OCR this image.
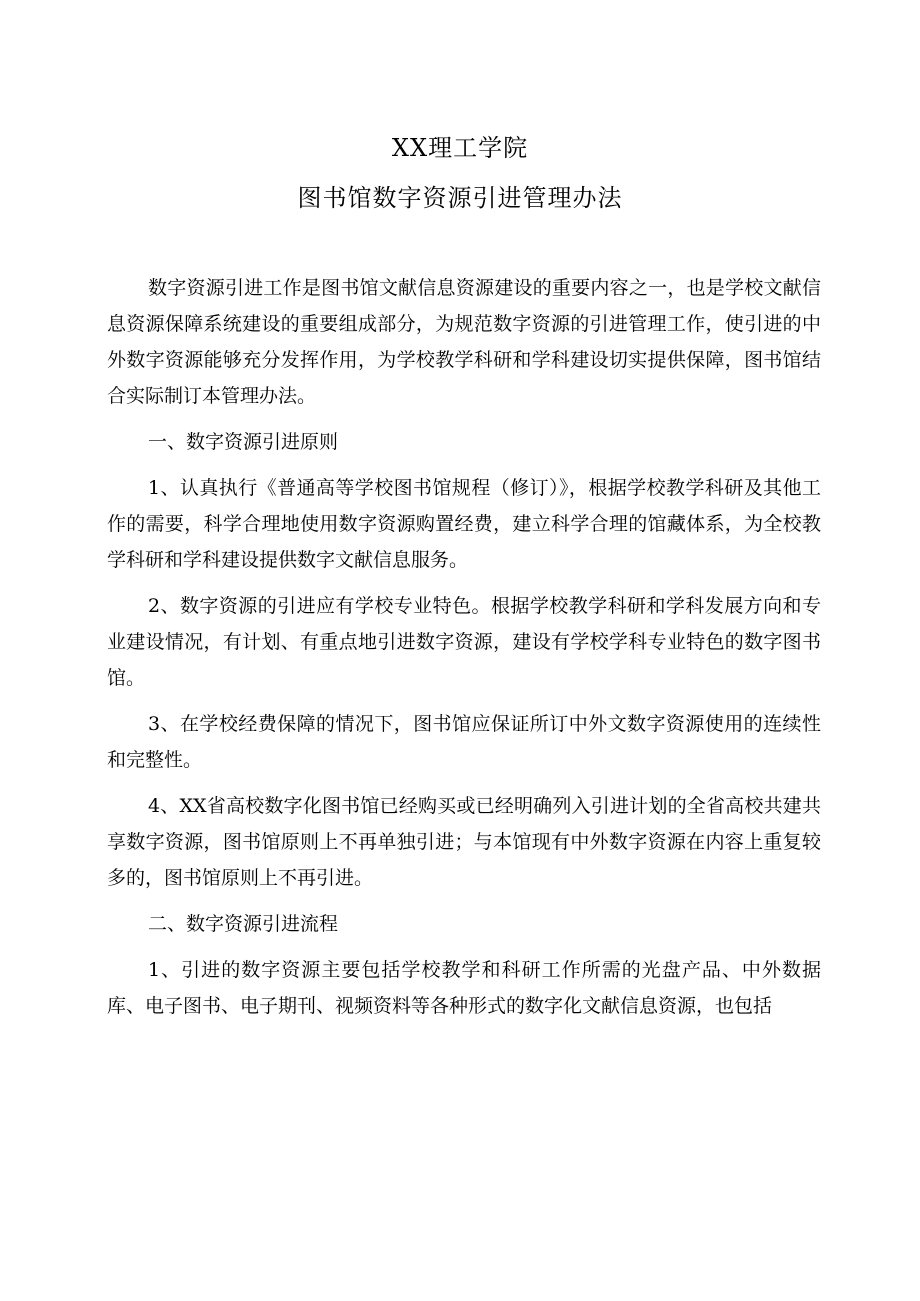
XX理工学院
图书馆数字资源引进管理办法

数字资源引进工作是图书馆文献信息资源建设的重要内容之一，也是学校文献信息资源保障系统建设的重要组成部分，为规范数字资源的引进管理工作，使引进的中外数字资源能够充分发挥作用，为学校教学科研和学科建设切实提供保障，图书馆结合实际制订本管理办法。

一、数字资源引进原则

1、认真执行《普通高等学校图书馆规程（修订）》，根据学校教学科研及其他工作的需要，科学合理地使用数字资源购置经费，建立科学合理的馆藏体系，为全校教学科研和学科建设提供数字文献信息服务。

2、数字资源的引进应有学校专业特色。根据学校教学科研和学科发展方向和专业建设情况，有计划、有重点地引进数字资源，建设有学校学科专业特色的数字图书馆。

3、在学校经费保障的情况下，图书馆应保证所订中外文数字资源使用的连续性和完整性。

4、XX省高校数字化图书馆已经购买或已经明确列入引进计划的全省高校共建共享数字资源，图书馆原则上不再单独引进；与本馆现有中外数字资源在内容上重复较多的，图书馆原则上不再引进。

二、数字资源引进流程

1、引进的数字资源主要包括学校教学和科研工作所需的光盘产品、中外数据库、电子图书、电子期刊、视频资料等各种形式的数字化文献信息资源，也包括
